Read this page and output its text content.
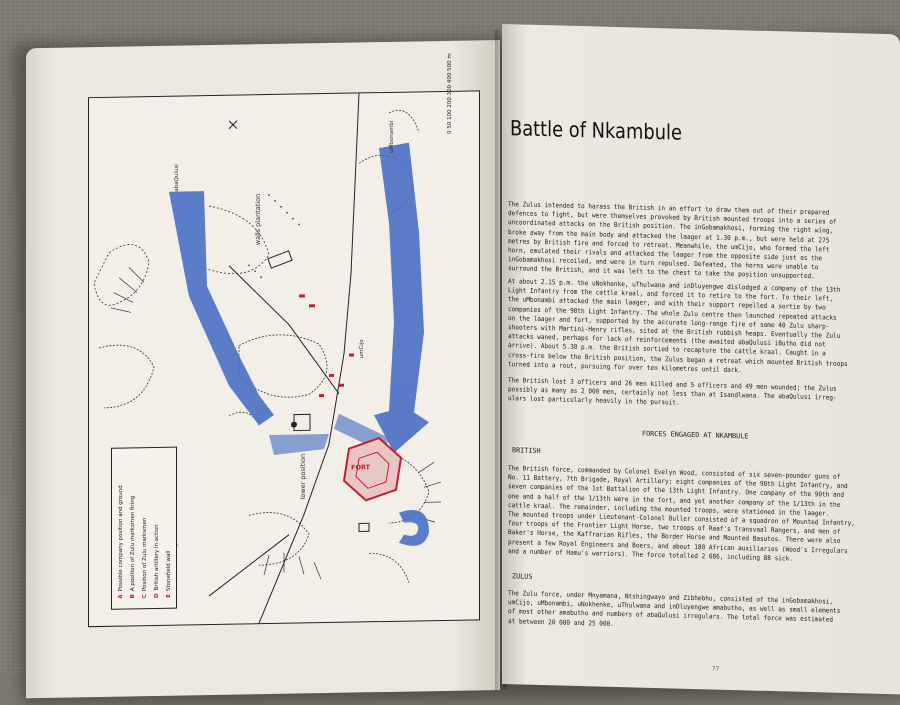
walls plantation
lower position	FORT
uMbonambi
abaQulusi
umCijo
0 50 100 200 300 400 500 m
APossible company position and ground
BA position of Zulu marksmen firing
CPosition of Zulu marksmen
DBritish artillery in action
EStonefield wall
Battle of Nkambule
The Zulus intended to harass the British in an effort to draw them out of their prepared
defences to fight, but were themselves provoked by British mounted troops into a series of
uncoordinated attacks on the British position. The inGobamakhosi, forming the right wing,
broke away from the main body and attacked the laager at 1.30 p.m., but were held at 275
metres by British fire and forced to retreat. Meanwhile, the umCijo, who formed the left
horn, emulated their rivals and attacked the laager from the opposite side just as the
inGobamakhosi recoiled, and were in turn repulsed. Defeated, the horns were unable to
surround the British, and it was left to the chest to take the position unsupported.
At about 2.15 p.m. the uNokhenke, uThulwana and inDluyengwe dislodged a company of the 13th
Light Infantry from the cattle kraal, and forced it to retire to the fort. To their left,
the uMbonambi attacked the main laager, and with their support repelled a sortie by two
companies of the 90th Light Infantry. The whole Zulu centre then launched repeated attacks
on the laager and fort, supported by the accurate long-range fire of some 40 Zulu sharp-
shooters with Martini-Henry rifles, sited at the British rubbish heaps. Eventually the Zulu
attacks waned, perhaps for lack of reinforcements (the awaited abaQulusi iButho did not
arrive). About 5.30 p.m. the British sortied to recapture the cattle kraal. Caught in a
cross-fire below the British position, the Zulus began a retreat which mounted British troops
turned into a rout, pursuing for over ten kilometres until dark.
The British lost 3 officers and 26 men killed and 5 officers and 49 men wounded; the Zulus
possibly as many as 2 000 men, certainly not less than at Isandlwana. The abaQulusi irreg-
ulars lost particularly heavily in the pursuit.
FORCES ENGAGED AT NKAMBULE
BRITISH
The British force, commanded by Colonel Evelyn Wood, consisted of six seven-pounder guns of
No. 11 Battery, 7th Brigade, Royal Artillery; eight companies of the 90th Light Infantry, and
seven companies of the 1st Battalion of the 13th Light Infantry. One company of the 90th and
one and a half of the 1/13th were in the fort, and yet another company of the 1/13th in the
cattle kraal. The remainder, including the mounted troops, were stationed in the laager.
The mounted troops under Lieutenant-Colonel Buller consisted of a squadron of Mounted Infantry,
four troops of the Frontier Light Horse, two troops of Raaf's Transvaal Rangers, and men of
Baker's Horse, the Kaffrarian Rifles, the Border Horse and Mounted Basutos. There were also
present a few Royal Engineers and Boers, and about 180 African auxiliaries (Wood's Irregulars
and a number of Hamu's warriors). The force totalled 2 086, including 88 sick.
ZULUS
The Zulu force, under Mnyamana, Ntshingwayo and Zibhebhu, consisted of the inGobamakhosi,
umCijo, uMbonambi, uNokhenke, uThulwana and inDluyengwe amabutho, as well as small elements
of most other amabutho and numbers of abaQulusi irregulars. The total force was estimated
at between 20 000 and 25 000.
77
